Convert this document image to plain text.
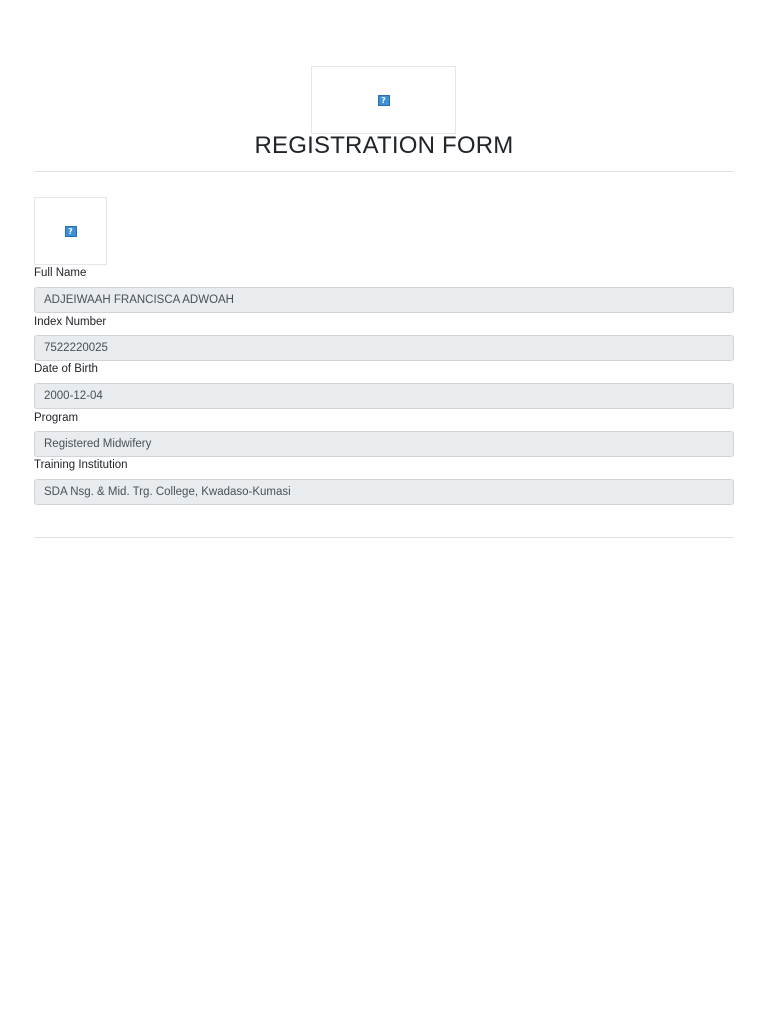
?
REGISTRATION FORM
?
Full Name
ADJEIWAAH FRANCISCA ADWOAH
Index Number
7522220025
Date of Birth
2000-12-04
Program
Registered Midwifery
Training Institution
SDA Nsg. & Mid. Trg. College, Kwadaso-Kumasi
